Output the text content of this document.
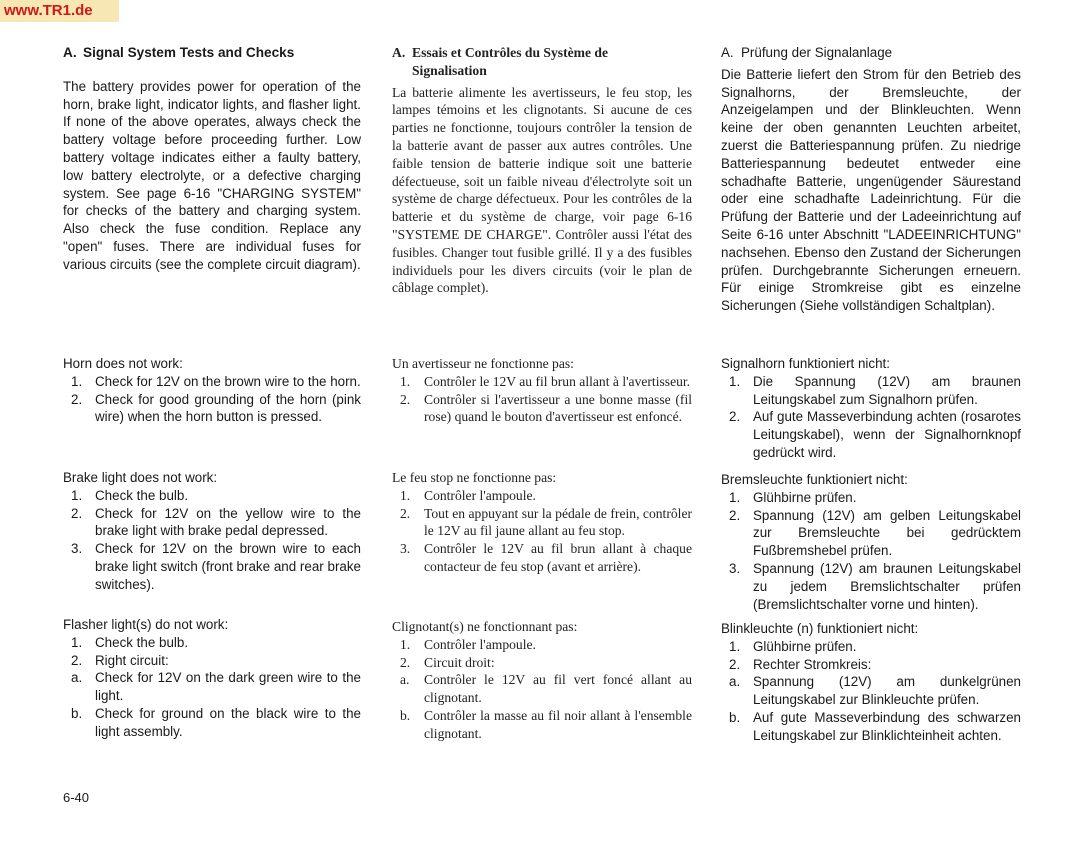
www.TR1.de

A. Signal System Tests and Checks

The battery provides power for operation of the horn, brake light, indicator lights, and flasher light. If none of the above operates, always check the battery voltage before proceeding further. Low battery voltage indicates either a faulty battery, low battery electrolyte, or a defective charging system. See page 6-16 "CHARGING SYSTEM" for checks of the battery and charging system. Also check the fuse condition. Replace any "open" fuses. There are individual fuses for various circuits (see the complete circuit diagram).

Horn does not work:

1. Check for 12V on the brown wire to the horn.

2. Check for good grounding of the horn (pink wire) when the horn button is pressed.

Brake light does not work:

1. Check the bulb.

2. Check for 12V on the yellow wire to the brake light with brake pedal depressed.

3. Check for 12V on the brown wire to each brake light switch (front brake and rear brake switches).

Flasher light(s) do not work:

1. Check the bulb.

2. Right circuit:

a. Check for 12V on the dark green wire to the light.

b. Check for ground on the black wire to the light assembly.

A. Essais et Contrôles du Système de Signalisation

La batterie alimente les avertisseurs, le feu stop, les lampes témoins et les clignotants. Si aucune de ces parties ne fonctionne, toujours contrôler la tension de la batterie avant de passer aux autres contrôles. Une faible tension de batterie indique soit une batterie défectueuse, soit un faible niveau d'électrolyte soit un système de charge défectueux. Pour les contrôles de la batterie et du système de charge, voir page 6-16 "SYSTEME DE CHARGE". Contrôler aussi l'état des fusibles. Changer tout fusible grillé. Il y a des fusibles individuels pour les divers circuits (voir le plan de câblage complet).

Un avertisseur ne fonctionne pas:

1. Contrôler le 12V au fil brun allant à l'avertisseur.

2. Contrôler si l'avertisseur a une bonne masse (fil rose) quand le bouton d'avertisseur est enfoncé.

Le feu stop ne fonctionne pas:

1. Contrôler l'ampoule.

2. Tout en appuyant sur la pédale de frein, contrôler le 12V au fil jaune allant au feu stop.

3. Contrôler le 12V au fil brun allant à chaque contacteur de feu stop (avant et arrière).

Clignotant(s) ne fonctionnant pas:

1. Contrôler l'ampoule.

2. Circuit droit:

a. Contrôler le 12V au fil vert foncé allant au clignotant.

b. Contrôler la masse au fil noir allant à l'ensemble clignotant.

A. Prüfung der Signalanlage

Die Batterie liefert den Strom für den Betrieb des Signalhorns, der Bremsleuchte, der Anzeigelampen und der Blinkleuchten. Wenn keine der oben genannten Leuchten arbeitet, zuerst die Batteriespannung prüfen. Zu niedrige Batteriespannung bedeutet entweder eine schadhafte Batterie, ungenügender Säurestand oder eine schadhafte Ladeinrichtung. Für die Prüfung der Batterie und der Ladeeinrichtung auf Seite 6-16 unter Abschnitt "LADEEINRICHTUNG" nachsehen. Ebenso den Zustand der Sicherungen prüfen. Durchgebrannte Sicherungen erneuern. Für einige Stromkreise gibt es einzelne Sicherungen (Siehe vollständigen Schaltplan).

Signalhorn funktioniert nicht:

1. Die Spannung (12V) am braunen Leitungskabel zum Signalhorn prüfen.

2. Auf gute Masseverbindung achten (rosarotes Leitungskabel), wenn der Signalhornknopf gedrückt wird.

Bremsleuchte funktioniert nicht:

1. Glühbirne prüfen.

2. Spannung (12V) am gelben Leitungskabel zur Bremsleuchte bei gedrücktem Fußbremshebel prüfen.

3. Spannung (12V) am braunen Leitungskabel zu jedem Bremslichtschalter prüfen (Bremslichtschalter vorne und hinten).

Blinkleuchte (n) funktioniert nicht:

1. Glühbirne prüfen.

2. Rechter Stromkreis:

a. Spannung (12V) am dunkelgrünen Leitungskabel zur Blinkleuchte prüfen.

b. Auf gute Masseverbindung des schwarzen Leitungskabel zur Blinklichteinheit achten.

6-40
